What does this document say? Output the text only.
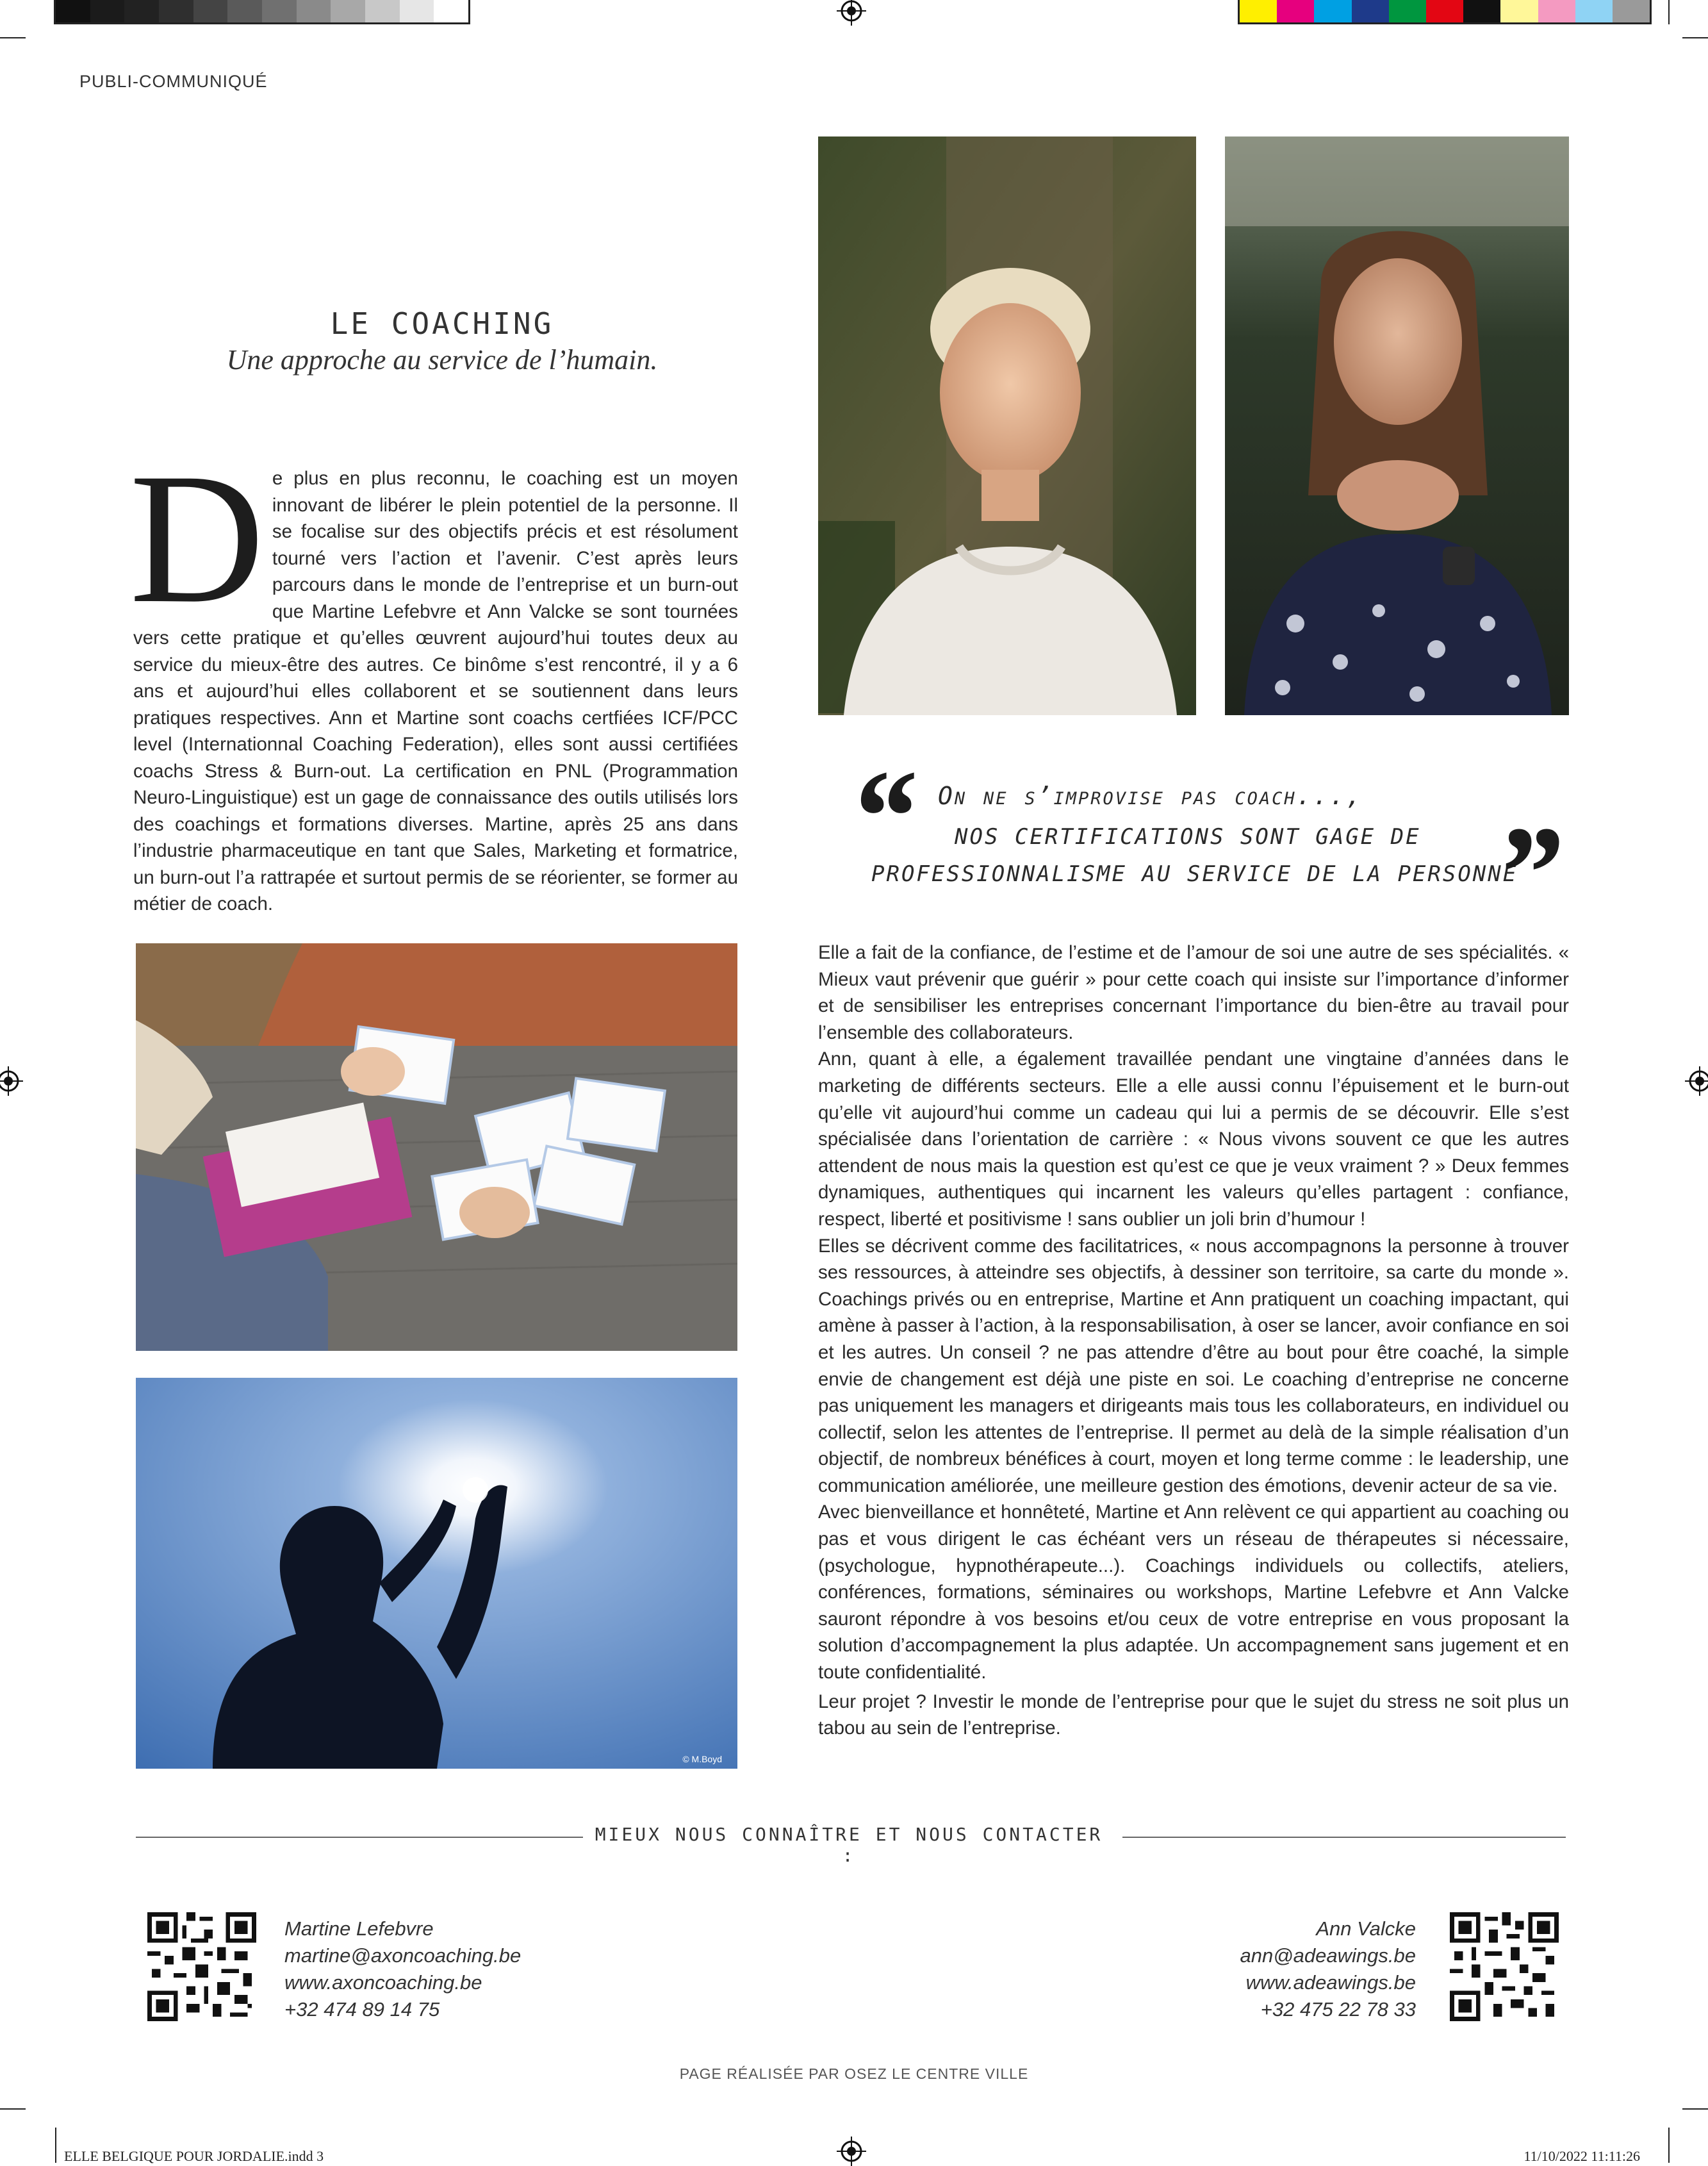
PUBLI-COMMUNIQUÉ
LE COACHING
Une approche au service de l’humain.
D e plus en plus reconnu, le coaching est un moyen innovant de libérer le plein potentiel de la personne. Il se focalise sur des objectifs précis et est résolument tourné vers l’action et l’avenir. C’est après leurs parcours dans le monde de l’entreprise et un burn-out que Martine Lefebvre et Ann Valcke se sont tournées vers cette pratique et qu’elles œuvrent aujourd’hui toutes deux au service du mieux-être des autres. Ce binôme s’est rencontré, il y a 6 ans et aujourd’hui elles collaborent et se soutiennent dans leurs pratiques respectives. Ann et Martine sont coachs certfiées ICF/PCC level (Internationnal Coaching Federation), elles sont aussi certifiées coachs Stress & Burn-out. La certification en PNL (Programmation Neuro-Linguistique) est un gage de connaissance des outils utilisés lors des coachings et formations diverses. Martine, après 25 ans dans l’industrie pharmaceutique en tant que Sales, Marketing et formatrice, un burn-out l’a rattrapée et surtout permis de se réorienter, se former au métier de coach.
© M.Boyd
“ On ne s’improvise pas coach...,
NOS CERTIFICATIONS SONT GAGE DE
PROFESSIONNALISME AU SERVICE DE LA PERSONNE
”

Elle a fait de la confiance, de l’estime et de l’amour de soi une autre de ses spécialités. « Mieux vaut prévenir que guérir » pour cette coach qui insiste sur l’importance d’informer et de sensibiliser les entreprises concernant l’importance du bien-être au travail pour l’ensemble des collaborateurs.

Ann, quant à elle, a également travaillée pendant une vingtaine d’années dans le marketing de différents secteurs. Elle a elle aussi connu l’épuisement et le burn-out qu’elle vit aujourd’hui comme un cadeau qui lui a permis de se découvrir. Elle s’est spécialisée dans l’orientation de carrière : « Nous vivons souvent ce que les autres attendent de nous mais la question est qu’est ce que je veux vraiment ? » Deux femmes dynamiques, authentiques qui incarnent les valeurs qu’elles partagent : confiance, respect, liberté et positivisme ! sans oublier un joli brin d’humour !

Elles se décrivent comme des facilitatrices, « nous accompagnons la personne à trouver ses ressources, à atteindre ses objectifs, à dessiner son territoire, sa carte du monde ». Coachings privés ou en entreprise, Martine et Ann pratiquent un coaching impactant, qui amène à passer à l’action, à la responsabilisation, à oser se lancer, avoir confiance en soi et les autres. Un conseil ? ne pas attendre d’être au bout pour être coaché, la simple envie de changement est déjà une piste en soi. Le coaching d’entreprise ne concerne pas uniquement les managers et dirigeants mais tous les collaborateurs, en individuel ou collectif, selon les attentes de l’entreprise. Il permet au delà de la simple réalisation d’un objectif, de nombreux bénéfices à court, moyen et long terme comme : le leadership, une communication améliorée, une meilleure gestion des émotions, devenir acteur de sa vie.

Avec bienveillance et honnêteté, Martine et Ann relèvent ce qui appartient au coaching ou pas et vous dirigent le cas échéant vers un réseau de thérapeutes si nécessaire, (psychologue, hypnothérapeute...). Coachings individuels ou collectifs, ateliers, conférences, formations, séminaires ou workshops, Martine Lefebvre et Ann Valcke sauront répondre à vos besoins et/ou ceux de votre entreprise en vous proposant la solution d’accompagnement la plus adaptée. Un accompagnement sans jugement et en toute confidentialité.

Leur projet ? Investir le monde de l’entreprise pour que le sujet du stress ne soit plus un tabou au sein de l’entreprise.

MIEUX NOUS CONNAÎTRE ET NOUS CONTACTER :
Martine Lefebvre
martine@axoncoaching.be
www.axoncoaching.be
+32 474 89 14 75
Ann Valcke
ann@adeawings.be
www.adeawings.be
+32 475 22 78 33
PAGE RÉALISÉE PAR OSEZ LE CENTRE VILLE
ELLE BELGIQUE POUR JORDALIE.indd 3	11/10/2022 11:11:26
